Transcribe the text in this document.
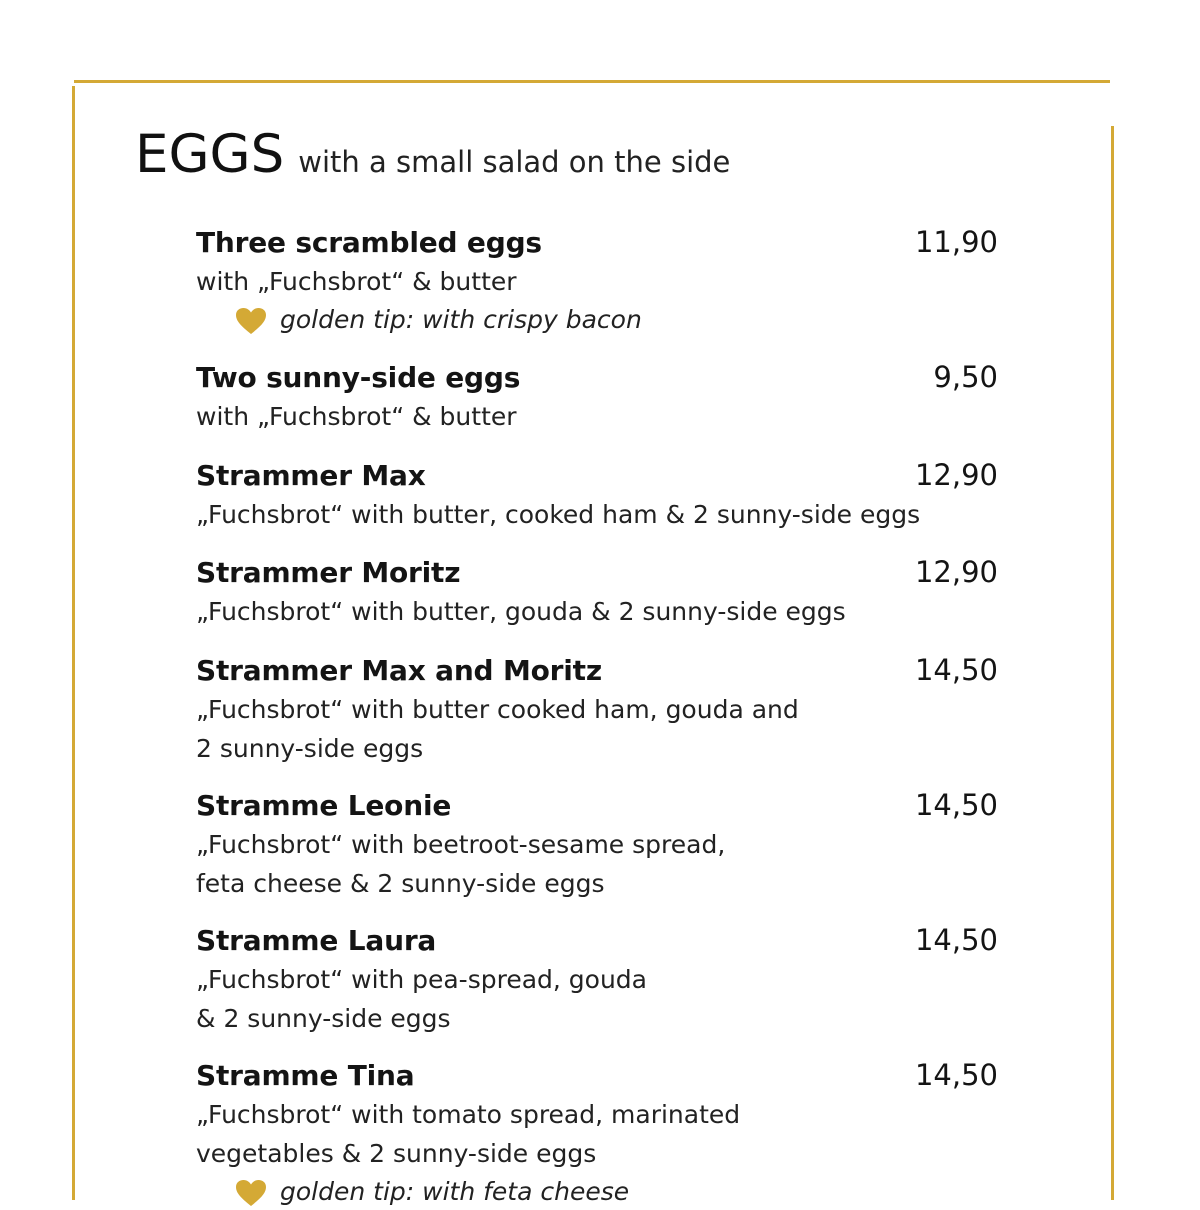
EGGS with a small salad on the side
Three scrambled eggs	11,90
with „Fuchsbrot“ & butter
golden tip: with crispy bacon
Two sunny-side eggs	9,50
with „Fuchsbrot“ & butter
Strammer Max	12,90
„Fuchsbrot“ with butter, cooked ham & 2 sunny-side eggs
Strammer Moritz	12,90
„Fuchsbrot“ with butter, gouda & 2 sunny-side eggs
Strammer Max and Moritz	14,50
„Fuchsbrot“ with butter cooked ham, gouda and
2 sunny-side eggs
Stramme Leonie	14,50
„Fuchsbrot“ with beetroot-sesame spread,
feta cheese & 2 sunny-side eggs
Stramme Laura	14,50
„Fuchsbrot“ with pea-spread, gouda
& 2 sunny-side eggs
Stramme Tina	14,50
„Fuchsbrot“ with tomato spread, marinated
vegetables & 2 sunny-side eggs
golden tip: with feta cheese
